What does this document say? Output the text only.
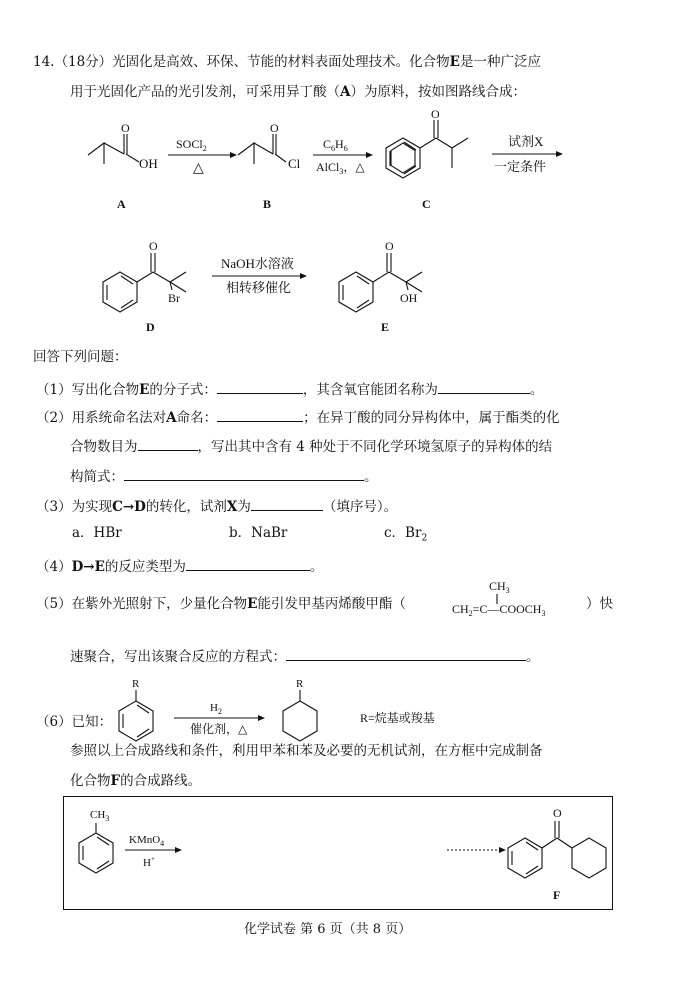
14.（18分）光固化是高效、环保、节能的材料表面处理技术。化合物E是一种广泛应
用于光固化产品的光引发剂，可采用异丁酸（A）为原料，按如图路线合成：
O
OH
SOCl$_2$
△
O
Cl
$C_6H_6$
AlCl$_3$，△
O
试剂X
一定条件
A	B	C
O
Br
NaOH水溶液
相转移催化
O
OH
D	E
回答下列问题：
（1）写出化合物E的分子式：	，其含氧官能团名称为	。
（2）用系统命名法对A命名：	；在异丁酸的同分异构体中，属于酯类的化
合物数目为	，写出其中含有 4 种处于不同化学环境氢原子的异构体的结
构简式：	。
（3）为实现C→D的转化，试剂X为	（填序号）。
a．HBr	b．NaBr	c．$Br_2$
（4）D→E的反应类型为	。
（5）在紫外光照射下，少量化合物E能引发甲基丙烯酸甲酯（
$CH_3$
$CH_2=C—COOCH_3$
）快
速聚合，写出该聚合反应的方程式：	。
（6）已知：
R
$H_2$
催化剂，△
R
R=烷基或羧基
参照以上合成路线和条件，利用甲苯和苯及必要的无机试剂，在方框中完成制备
化合物F的合成路线。
$CH_3$
KMnO$_4$
H+
O
F
化学试卷 第 6 页（共 8 页）
